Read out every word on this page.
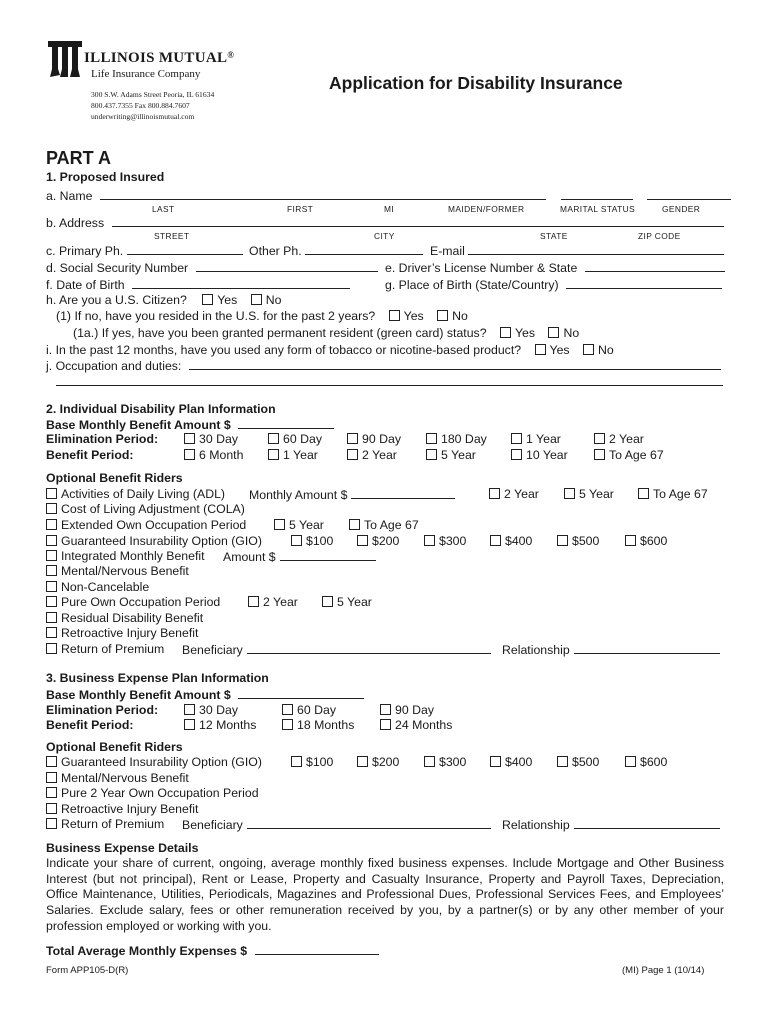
ILLINOIS MUTUAL®
Life Insurance Company
300 S.W. Adams Street Peoria, IL 61634
800.437.7355 Fax 800.884.7607
underwriting@illinoismutual.com
Application for Disability Insurance
PART A
1. Proposed Insured
a. Name
LAST	FIRST	MI	MAIDEN/FORMER	MARITAL STATUS	GENDER
b. Address
STREET	CITY	STATE	ZIP CODE
c. Primary Ph.	Other Ph.	E-mail
d. Social Security Number	e. Driver’s License Number & State
f. Date of Birth	g. Place of Birth (State/Country)
h. Are you a U.S. Citizen? Yes No
(1) If no, have you resided in the U.S. for the past 2 years? Yes No
(1a.) If yes, have you been granted permanent resident (green card) status? Yes No
i. In the past 12 months, have you used any form of tobacco or nicotine-based product? Yes No
j. Occupation and duties:
2. Individual Disability Plan Information
Base Monthly Benefit Amount $
Elimination Period:	30 Day	60 Day	90 Day	180 Day	1 Year	2 Year
Benefit Period:	6 Month	1 Year	2 Year	5 Year	10 Year	To Age 67
Optional Benefit Riders
Activities of Daily Living (ADL) Monthly Amount $	2 Year	5 Year	To Age 67
Cost of Living Adjustment (COLA)
Extended Own Occupation Period	5 Year	To Age 67
Guaranteed Insurability Option (GIO)	$100	$200	$300	$400	$500	$600
Integrated Monthly Benefit Amount $
Mental/Nervous Benefit
Non-Cancelable
Pure Own Occupation Period	2 Year	5 Year
Residual Disability Benefit
Retroactive Injury Benefit
Return of Premium Beneficiary	Relationship
3. Business Expense Plan Information
Base Monthly Benefit Amount $
Elimination Period:	30 Day	60 Day	90 Day
Benefit Period:	12 Months	18 Months	24 Months
Optional Benefit Riders
Guaranteed Insurability Option (GIO)	$100	$200	$300	$400	$500	$600
Mental/Nervous Benefit
Pure 2 Year Own Occupation Period
Retroactive Injury Benefit
Return of Premium Beneficiary	Relationship
Business Expense Details
Indicate your share of current, ongoing, average monthly fixed business expenses. Include Mortgage and Other Business
Interest (but not principal), Rent or Lease, Property and Casualty Insurance, Property and Payroll Taxes, Depreciation,
Office Maintenance, Utilities, Periodicals, Magazines and Professional Dues, Professional Services Fees, and Employees’
Salaries. Exclude salary, fees or other remuneration received by you, by a partner(s) or by any other member of your
profession employed or working with you.
Total Average Monthly Expenses $
Form APP105-D(R)	(MI) Page 1 (10/14)
